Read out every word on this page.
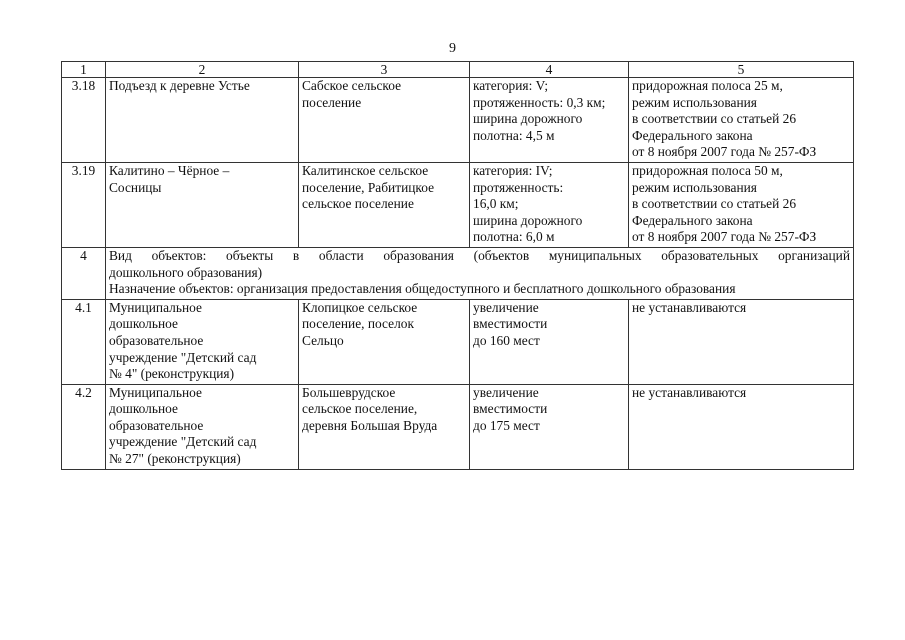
9
1	2	3	4	5
3.18	Подъезд к деревне Устье	Сабское сельское
поселение	категория: V;
протяженность: 0,3 км;
ширина дорожного
полотна: 4,5 м	придорожная полоса 25 м,
режим использования
в соответствии со статьей 26
Федерального закона
от 8 ноября 2007 года № 257-ФЗ

3.19	Калитино – Чёрное –
Сосницы	Калитинское сельское
поселение, Рабитицкое
сельское поселение	категория: IV;
протяженность:
16,0 км;
ширина дорожного
полотна: 6,0 м	придорожная полоса 50 м,
режим использования
в соответствии со статьей 26
Федерального закона
от 8 ноября 2007 года № 257-ФЗ

4	Вид объектов: объекты в области образования (объектов муниципальных образовательных организаций
дошкольного образования)
Назначение объектов: организация предоставления общедоступного и бесплатного дошкольного образования			

4.1	Муниципальное
дошкольное
образовательное
учреждение "Детский сад
№ 4" (реконструкция)	Клопицкое сельское
поселение, поселок
Сельцо	увеличение
вместимости
до 160 мест	не устанавливаются

4.2	Муниципальное
дошкольное
образовательное
учреждение "Детский сад
№ 27" (реконструкция)	Большеврудское
сельское поселение,
деревня Большая Вруда	увеличение
вместимости
до 175 мест	не устанавливаются
